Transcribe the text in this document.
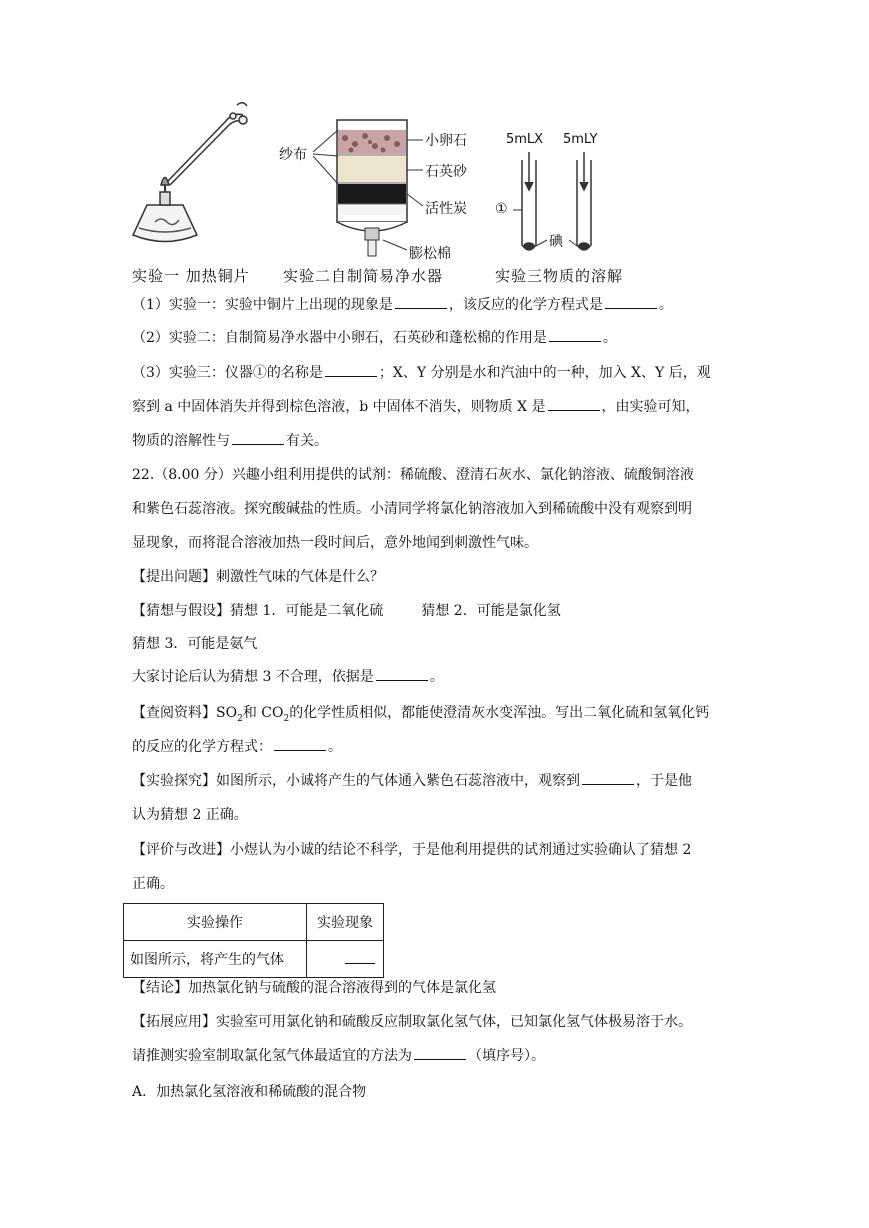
纱布
小卵石
石英砂
活性炭
膨松棉
5mLX 5mLY
①
碘
实验一 加热铜片 实验二自制简易净水器	实验三物质的溶解
（1）实验一：实验中铜片上出现的现象是	，该反应的化学方程式是	。
（2）实验二：自制简易净水器中小卵石，石英砂和蓬松棉的作用是	。
（3）实验三：仪器①的名称是	；X、Y 分别是水和汽油中的一种，加入 X、Y 后，观
察到 a 中固体消失并得到棕色溶液，b 中固体不消失，则物质 X 是	，由实验可知，
物质的溶解性与	有关。
22.（8.00 分）兴趣小组利用提供的试剂：稀硫酸、澄清石灰水、氯化钠溶液、硫酸铜溶液
和紫色石蕊溶液。探究酸碱盐的性质。小清同学将氯化钠溶液加入到稀硫酸中没有观察到明
显现象，而将混合溶液加热一段时间后，意外地闻到刺激性气味。
【提出问题】刺激性气味的气体是什么？
【猜想与假设】猜想 1．可能是二氧化硫	猜想 2．可能是氯化氢
猜想 3．可能是氨气
大家讨论后认为猜想 3 不合理，依据是	。
【查阅资料】$SO_2$和 $CO_2$的化学性质相似，都能使澄清灰水变浑浊。写出二氧化硫和氢氧化钙
的反应的化学方程式：	。
【实验探究】如图所示，小诚将产生的气体通入紫色石蕊溶液中，观察到	，于是他
认为猜想 2 正确。
【评价与改进】小煜认为小诚的结论不科学，于是他利用提供的试剂通过实验确认了猜想 2
正确。
实验操作	实验现象
如图所示，将产生的气体	
【结论】加热氯化钠与硫酸的混合溶液得到的气体是氯化氢
【拓展应用】实验室可用氯化钠和硫酸反应制取氯化氢气体，已知氯化氢气体极易溶于水。
请推测实验室制取氯化氢气体最适宜的方法为	（填序号）。
A．加热氯化氢溶液和稀硫酸的混合物
